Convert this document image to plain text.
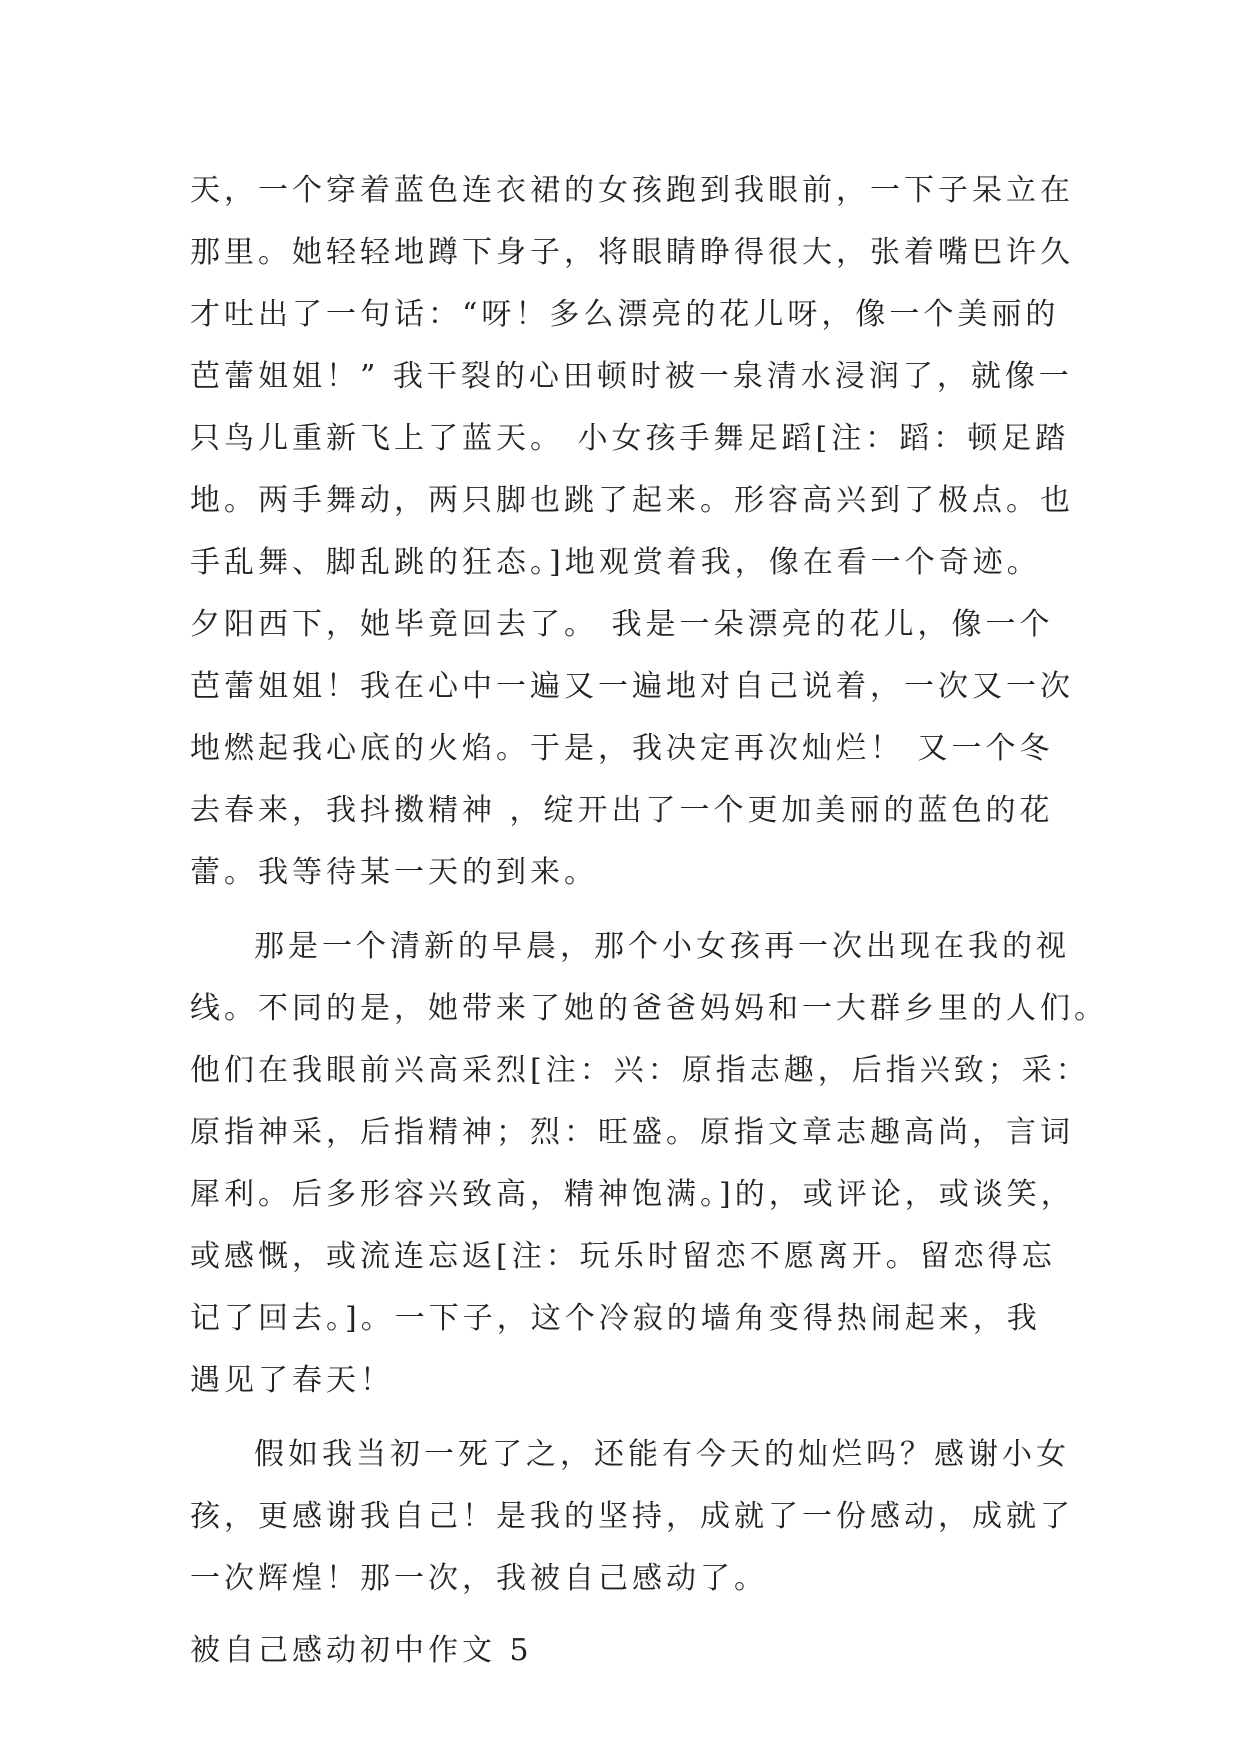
天，一个穿着蓝色连衣裙的女孩跑到我眼前，一下子呆立在

那里。她轻轻地蹲下身子，将眼睛睁得很大，张着嘴巴许久

才吐出了一句话：“呀！多么漂亮的花儿呀，像一个美丽的

芭蕾姐姐！” 我干裂的心田顿时被一泉清水浸润了，就像一

只鸟儿重新飞上了蓝天。 小女孩手舞足蹈[注：蹈：顿足踏

地。两手舞动，两只脚也跳了起来。形容高兴到了极点。也

手乱舞、脚乱跳的狂态。]地观赏着我，像在看一个奇迹。

夕阳西下，她毕竟回去了。 我是一朵漂亮的花儿，像一个

芭蕾姐姐！我在心中一遍又一遍地对自己说着，一次又一次

地燃起我心底的火焰。于是，我决定再次灿烂！ 又一个冬

去春来，我抖擞精神 ，绽开出了一个更加美丽的蓝色的花

蕾。我等待某一天的到来。

那是一个清新的早晨，那个小女孩再一次出现在我的视

线。不同的是，她带来了她的爸爸妈妈和一大群乡里的人们。

他们在我眼前兴高采烈[注：兴：原指志趣，后指兴致；采：

原指神采，后指精神；烈：旺盛。原指文章志趣高尚，言词

犀利。后多形容兴致高，精神饱满。]的，或评论，或谈笑，

或感慨，或流连忘返[注：玩乐时留恋不愿离开。留恋得忘

记了回去。]。一下子，这个冷寂的墙角变得热闹起来，我

遇见了春天！

假如我当初一死了之，还能有今天的灿烂吗？感谢小女

孩，更感谢我自己！是我的坚持，成就了一份感动，成就了

一次辉煌！那一次，我被自己感动了。

被自己感动初中作文 5
